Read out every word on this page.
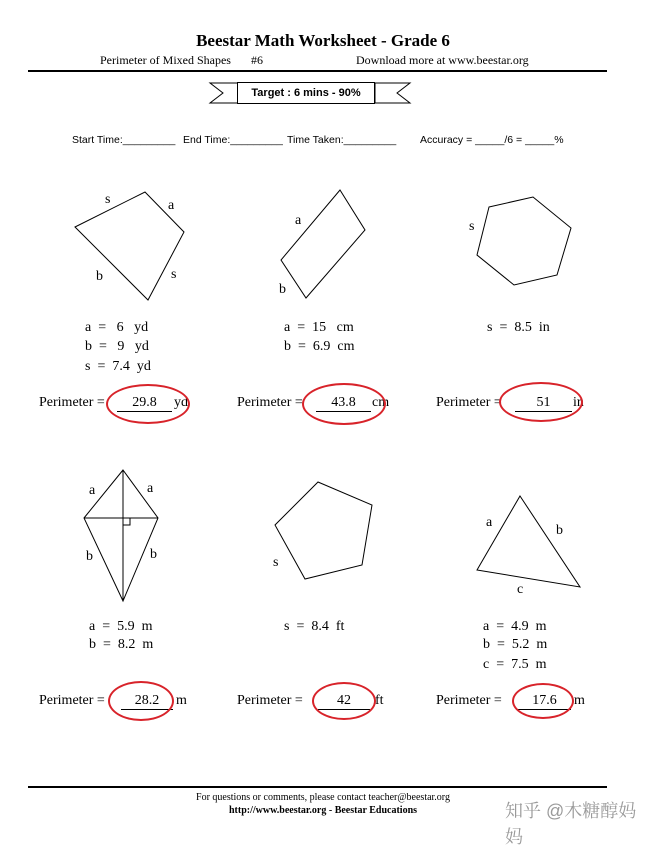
Beestar Math Worksheet - Grade 6
Perimeter of Mixed Shapes #6	Download more at www.beestar.org
Target : 6 mins - 90%
Start Time:_________ End Time:_________ Time Taken:_________ Accuracy = _____/6 = _____%
s	a
b	s
a  =   6   yd
b  =   9   yd
s  =  7.4  yd
Perimeter =	29.8	yd
a
b
a  =  15   cm
b  =  6.9  cm
Perimeter =	43.8	cm
s
s  =  8.5  in
Perimeter =	51	in
a	a
b	b
a  =  5.9  m
b  =  8.2  m
Perimeter =	28.2	m
s
s  =  8.4  ft
Perimeter =	42	ft
a
b
c
a  =  4.9  m
b  =  5.2  m
c  =  7.5  m
Perimeter =	17.6	m
For questions or comments, please contact teacher@beestar.org
http://www.beestar.org - Beestar Educations	知乎 @木糖醇妈妈
